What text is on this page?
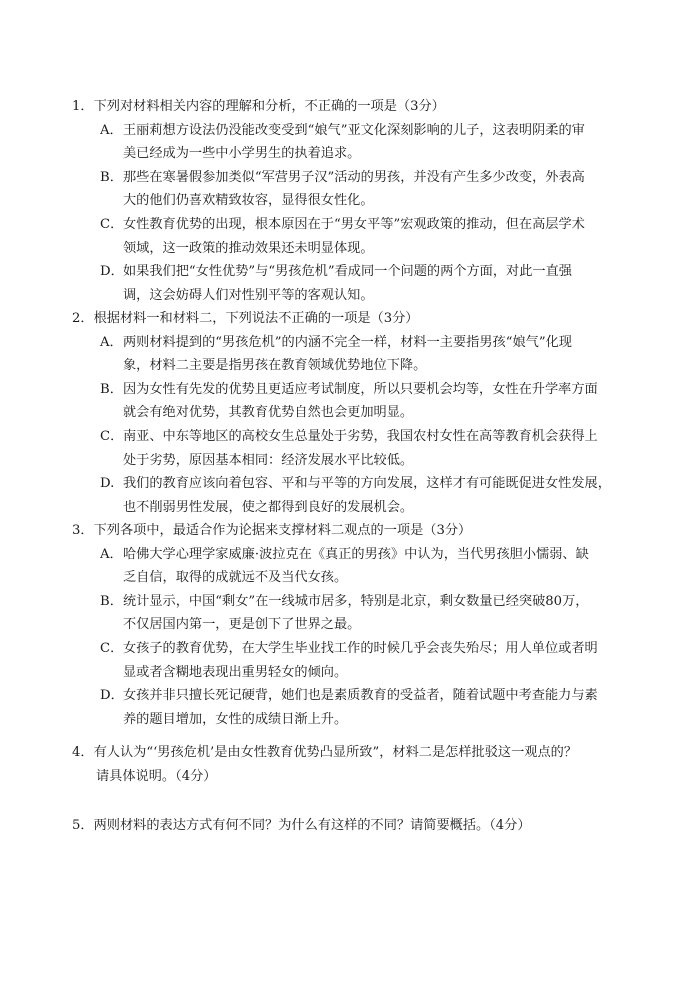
1．下列对材料相关内容的理解和分析，不正确的一项是（3分）
A．王丽莉想方设法仍没能改变受到“娘气”亚文化深刻影响的儿子，这表明阴柔的审
美已经成为一些中小学男生的执着追求。
B．那些在寒暑假参加类似“军营男子汉”活动的男孩，并没有产生多少改变，外表高
大的他们仍喜欢精致妆容，显得很女性化。
C．女性教育优势的出现，根本原因在于“男女平等”宏观政策的推动，但在高层学术
领域，这一政策的推动效果还未明显体现。
D．如果我们把“女性优势”与“男孩危机”看成同一个问题的两个方面，对此一直强
调，这会妨碍人们对性别平等的客观认知。
2．根据材料一和材料二，下列说法不正确的一项是（3分）
A．两则材料提到的“男孩危机”的内涵不完全一样，材料一主要指男孩“娘气”化现
象，材料二主要是指男孩在教育领域优势地位下降。
B．因为女性有先发的优势且更适应考试制度，所以只要机会均等，女性在升学率方面
就会有绝对优势，其教育优势自然也会更加明显。
C．南亚、中东等地区的高校女生总量处于劣势，我国农村女性在高等教育机会获得上
处于劣势，原因基本相同：经济发展水平比较低。
D. 我们的教育应该向着包容、平和与平等的方向发展，这样才有可能既促进女性发展，
也不削弱男性发展，使之都得到良好的发展机会。
3．下列各项中，最适合作为论据来支撑材料二观点的一项是（3分）
A．哈佛大学心理学家威廉·波拉克在《真正的男孩》中认为，当代男孩胆小懦弱、缺
乏自信，取得的成就远不及当代女孩。
B．统计显示，中国“剩女”在一线城市居多，特别是北京，剩女数量已经突破80万，
不仅居国内第一，更是创下了世界之最。
C．女孩子的教育优势，在大学生毕业找工作的时候几乎会丧失殆尽；用人单位或者明
显或者含糊地表现出重男轻女的倾向。
D．女孩并非只擅长死记硬背，她们也是素质教育的受益者，随着试题中考查能力与素
养的题目增加，女性的成绩日渐上升。
4．有人认为“‘男孩危机’是由女性教育优势凸显所致”，材料二是怎样批驳这一观点的？
请具体说明。（4分）
5．两则材料的表达方式有何不同？为什么有这样的不同？请简要概括。（4分）
